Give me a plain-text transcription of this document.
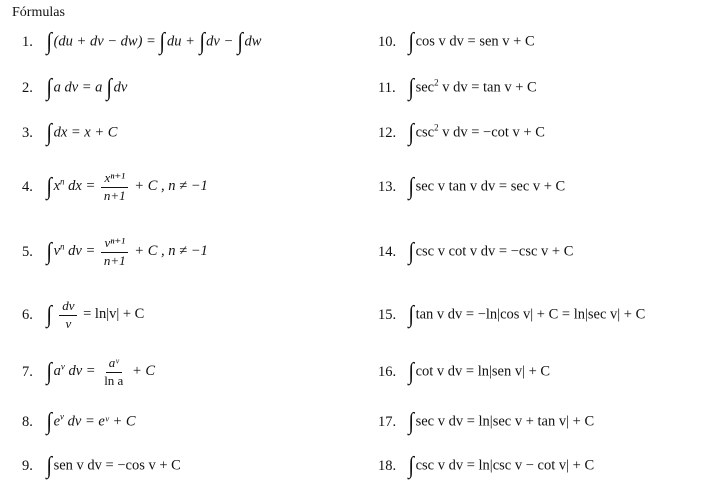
Fórmulas
1. ∫(du + dv − dw) = ∫du + ∫dv − ∫dw
2. ∫a dv = a ∫dv
3. ∫dx = x + C
4. $\int x^n$ dx = $\frac{\text{xⁿ⁺¹}}{n+1} + C$ , n ≠ −1
5. $\int v^n$ dv = $\frac{\text{vⁿ⁺¹}}{n+1} + C$ , n ≠ −1
6. ∫ $\frac{dv}{v} = \ln|v| + C$
7. $\int a^v$ dv = $\frac{\text{aᵛ}}{\text{ln a}} + C$
8. $\int e^v$ dv = eᵛ + C
9. ∫sen v dv = −cos v + C
10. ∫cos v dv = sen v + C
11. $\int\sec^2$ v dv = tan v + C
12. $\int\csc^2$ v dv = −cot v + C
13. ∫sec v tan v dv = sec v + C
14. ∫csc v cot v dv = −csc v + C
15. ∫tan v dv = −ln|cos v| + C = ln|sec v| + C
16. ∫cot v dv = ln|sen v| + C
17. ∫sec v dv = ln|sec v + tan v| + C
18. ∫csc v dv = ln|csc v − cot v| + C
